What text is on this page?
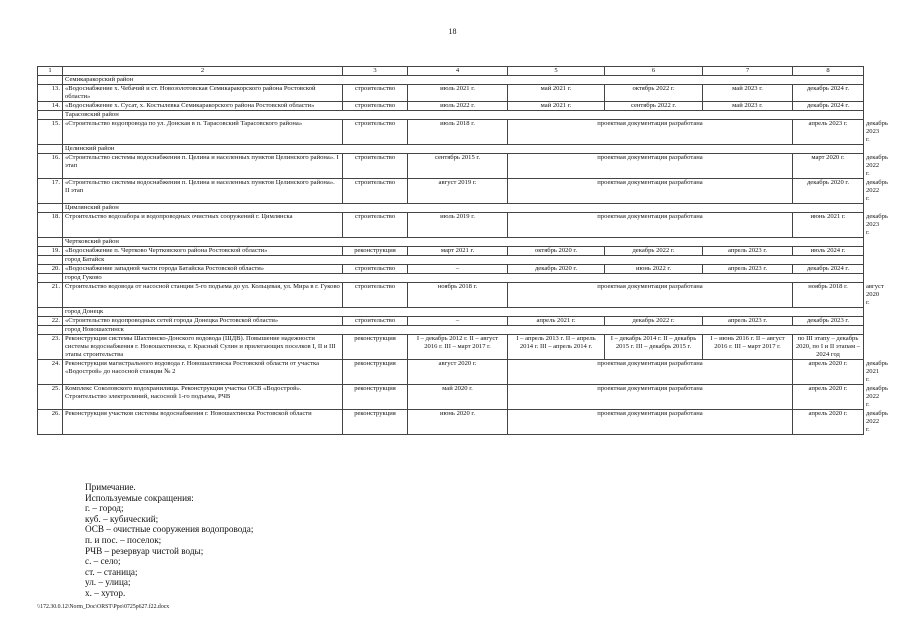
18
1	2	3	4	5	6	7	8	
	Семикаракорский район							
13.	«Водоснабжение х. Чебачий и ст. Новозолотовская Семикаракорского района Ростовской области»	строительство	июль 2021 г.	май 2021 г.	октябрь 2022 г.	май 2023 г.	декабрь 2024 г.	
14.	«Водоснабжение х. Сусат, х. Костылевка Семикаракорского района Ростовской области»	строительство	июль 2022 г.	май 2021 г.	сентябрь 2022 г.	май 2023 г.	декабрь 2024 г.	
	Тарасовский район							
15.	«Строительство водопровода по ул. Донская в п. Тарасовский Тарасовского района»	строительство	июль 2018 г.	проектная документация разработана			апрель 2023 г.	декабрь 2023 г.
	Целинский район							
16.	«Строительство системы водоснабжения п. Целина и населенных пунктов Целинского района». I этап	строительство	сентябрь 2015 г.	проектная документация разработана			март 2020 г.	декабрь 2022 г.
17.	«Строительство системы водоснабжения п. Целина и населенных пунктов Целинского района». II этап	строительство	август 2019 г.	проектная документация разработана			декабрь 2020 г.	декабрь 2022 г.
	Цимлянский район							
18.	Строительство водозабора и водопроводных очистных сооружений г. Цимлянска	строительство	июль 2019 г.	проектная документация разработана			июнь 2021 г.	декабрь 2023 г.
	Чертковский район							
19.	«Водоснабжение п. Чертково Чертковского района Ростовской области»	реконструкция	март 2021 г.	октябрь 2020 г.	декабрь 2022 г.	апрель 2023 г.	июль 2024 г.	
	город Батайск							
20.	«Водоснабжение западной части города Батайска Ростовской области»	строительство	–	декабрь 2020 г.	июнь 2022 г.	апрель 2023 г.	декабрь 2024 г.	
	город Гуково							
21.	Строительство водовода от насосной станции 5-го подъема до ул. Кольцевая, ул. Мира в г. Гуково	строительство	ноябрь 2018 г.	проектная документация разработана			ноябрь 2018 г.	август 2020 г.
	город Донецк							
22.	«Строительство водопроводных сетей города Донецка Ростовской области»	строительство	–	апрель 2021 г.	декабрь 2022 г.	апрель 2023 г.	декабрь 2023 г.	
	город Новошахтинск							
23.	Реконструкция системы Шахтинско-Донского водовода (ШДВ). Повышение надежности системы водоснабжения г. Новошахтинска, г. Красный Сулин и прилегающих поселков I, II и III этапы строительства	реконструкция	I – декабрь 2012 г. II – август 2016 г. III – март 2017 г.	I – апрель 2013 г. II – апрель 2014 г. III – апрель 2014 г.	I – декабрь 2014 г. II – декабрь 2015 г. III – декабрь 2015 г.	I – июнь 2016 г. II – август 2016 г. III – март 2017 г.	по III этапу – декабрь 2020, по I и II этапам – 2024 год	
24.	Реконструкция магистрального водовода г. Новошахтинска Ростовской области от участка «Водострой» до насосной станции № 2	реконструкция	август 2020 г.	проектная документация разработана			апрель 2020 г.	декабрь 2021 г.
25.	Комплекс Соколовского водохранилища. Реконструкция участка ОСВ «Водострой». Строительство электролиний, насосной 1-го подъема, РЧВ	реконструкция	май 2020 г.	проектная документация разработана			апрель 2020 г.	декабрь 2022 г.
26.	Реконструкция участков системы водоснабжения г. Новошахтинска Ростовской области	реконструкция	июнь 2020 г.	проектная документация разработана			апрель 2020 г.	декабрь 2022 г.
Примечание.
Используемые сокращения:
г. – город;
куб. – кубический;
ОСВ – очистные сооружения водопровода;
п. и пос. – поселок;
РЧВ – резервуар чистой воды;
с. – село;
ст. – станица;
ул. – улица;
х. – хутор.
\\172.30.0.12\Norm_Doc\ORST\Ppo\0725p627.f22.docx
